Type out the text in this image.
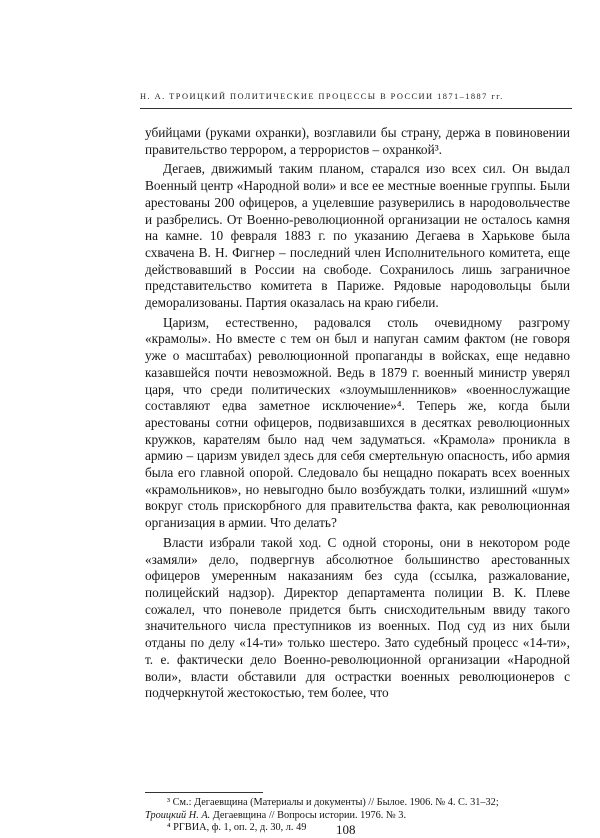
Н. А. ТРОИЦКИЙ ПОЛИТИЧЕСКИЕ ПРОЦЕССЫ В РОССИИ 1871–1887 гг.

убийцами (руками охранки), возглавили бы страну, держа в повиновении правительство террором, а террористов – охранкой³.

Дегаев, движимый таким планом, старался изо всех сил. Он выдал Военный центр «Народной воли» и все ее местные военные группы. Были арестованы 200 офицеров, а уцелевшие разуверились в народовольчестве и разбрелись. От Военно-революционной организации не осталось камня на камне. 10 февраля 1883 г. по указанию Дегаева в Харькове была схвачена В. Н. Фигнер – последний член Исполнительного комитета, еще действовавший в России на свободе. Сохранилось лишь заграничное представительство комитета в Париже. Рядовые народовольцы были деморализованы. Партия оказалась на краю гибели.

Царизм, естественно, радовался столь очевидному разгрому «крамолы». Но вместе с тем он был и напуган самим фактом (не говоря уже о масштабах) революционной пропаганды в войсках, еще недавно казавшейся почти невозможной. Ведь в 1879 г. военный министр уверял царя, что среди политических «злоумышленников» «военнослужащие составляют едва заметное исключение»⁴. Теперь же, когда были арестованы сотни офицеров, подвизавшихся в десятках революционных кружков, карателям было над чем задуматься. «Крамола» проникла в армию – царизм увидел здесь для себя смертельную опасность, ибо армия была его главной опорой. Следовало бы нещадно покарать всех военных «крамольников», но невыгодно было возбуждать толки, излишний «шум» вокруг столь прискорбного для правительства факта, как революционная организация в армии. Что делать?

Власти избрали такой ход. С одной стороны, они в некотором роде «замяли» дело, подвергнув абсолютное большинство арестованных офицеров умеренным наказаниям без суда (ссылка, разжалование, полицейский надзор). Директор департамента полиции В. К. Плеве сожалел, что поневоле придется быть снисходительным ввиду такого значительного числа преступников из военных. Под суд из них были отданы по делу «14-ти» только шестеро. Зато судебный процесс «14-ти», т. е. фактически дело Военно-революционной организации «Народной воли», власти обставили для острастки военных революционеров с подчеркнутой жестокостью, тем более, что

³ См.: Дегаевщина (Материалы и документы) // Былое. 1906. № 4. С. 31–32;

Троицкий Н. А. Дегаевщина // Вопросы истории. 1976. № 3.

⁴ РГВИА, ф. 1, оп. 2, д. 30, л. 49	108
